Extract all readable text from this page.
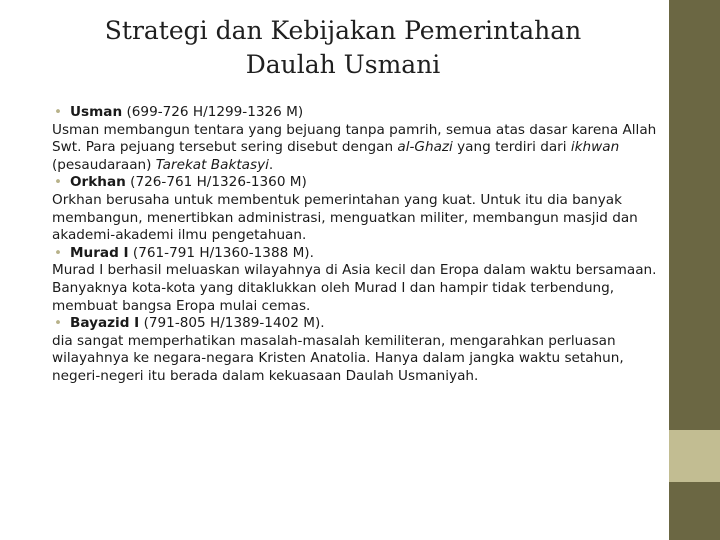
Strategi dan Kebijakan Pemerintahan
Daulah Usmani
• Usman (699-726 H/1299-1326 M)
Usman membangun tentara yang bejuang tanpa pamrih, semua atas dasar karena Allah Swt. Para pejuang tersebut sering disebut dengan al-Ghazi yang terdiri dari ikhwan (pesaudaraan) Tarekat Baktasyi.
• Orkhan (726-761 H/1326-1360 M)
Orkhan berusaha untuk membentuk pemerintahan yang kuat. Untuk itu dia banyak membangun, menertibkan administrasi, menguatkan militer, membangun masjid dan akademi-akademi ilmu pengetahuan.
• Murad I (761-791 H/1360-1388 M).
Murad I berhasil meluaskan wilayahnya di Asia kecil dan Eropa dalam waktu bersamaan. Banyaknya kota-kota yang ditaklukkan oleh Murad I dan hampir tidak terbendung, membuat bangsa Eropa mulai cemas.
• Bayazid I (791-805 H/1389-1402 M).
dia sangat memperhatikan masalah-masalah kemiliteran, mengarahkan perluasan wilayahnya ke negara-negara Kristen Anatolia. Hanya dalam jangka waktu setahun, negeri-negeri itu berada dalam kekuasaan Daulah Usmaniyah.
